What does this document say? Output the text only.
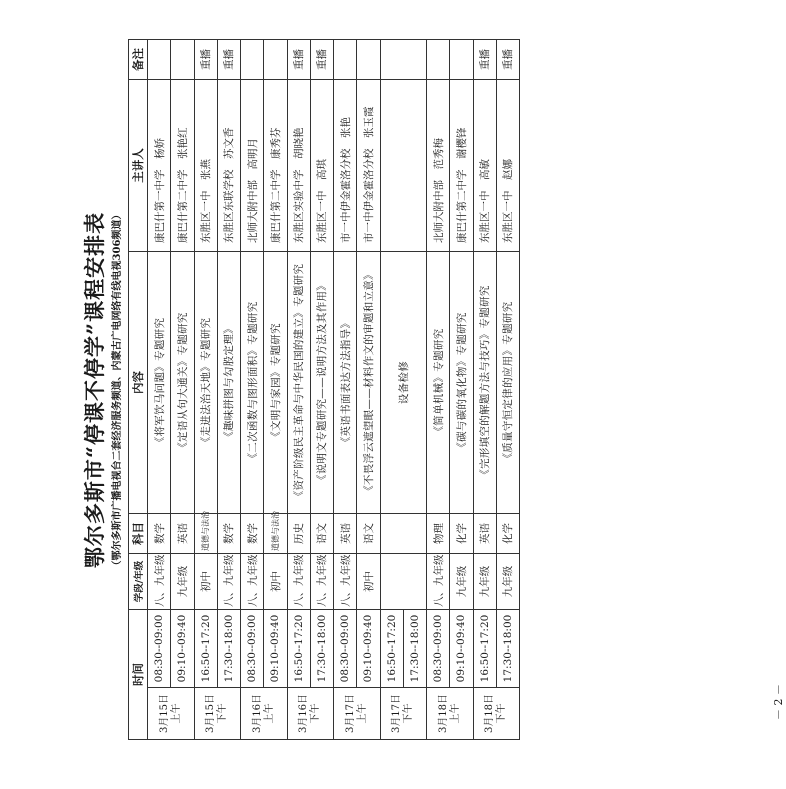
鄂尔多斯市“停课不停学”课程安排表 （鄂尔多斯市广播电视台二套经济服务频道、内蒙古广电网络有线电视306频道）
时间		学段/年级	科目	内容	主讲人	备注
3月15日上午	08:30--09:00	八、九年级	数学	《将军饮马问题》专题研究	康巴什第一中学　杨娇	
	09:10--09:40	九年级	英语	《定语从句大通关》专题研究	康巴什第二中学　张艳红	
3月15日下午	16:50--17:20	初中	道德与法治	《走进法治天地》专题研究	东胜区一中　张燕	重播
	17:30--18:00	八、九年级	数学	《趣味拼图与勾股定理》	东胜区东联学校　苏文香	重播
3月16日上午	08:30--09:00	八、九年级	数学	《二次函数与图形面积》专题研究	北师大附中部　高明月	
	09:10--09:40	初中	道德与法治	《文明与家园》专题研究	康巴什第二中学　康秀芬	
3月16日下午	16:50--17:20	八、九年级	历史	《资产阶级民主革命与中华民国的建立》专题研究	东胜区实验中学　胡晓艳	重播
	17:30--18:00	八、九年级	语文	《说明文专题研究——说明方法及其作用》	东胜区一中　高琪	重播
3月17日上午	08:30--09:00	八、九年级	英语	《英语书面表达方法指导》	市一中伊金霍洛分校　张艳	
	09:10--09:40	初中	语文	《不畏浮云遮望眼——材料作文的审题和立意》	市一中伊金霍洛分校　张玉霞	
3月17日下午	16:50--17:20			设备检修		
	17:30--18:00					
3月18日上午	08:30--09:00	八、九年级	物理	《简单机械》专题研究	北师大附中部　范秀梅	
	09:10--09:40	九年级	化学	《碳与碳的氧化物》专题研究	康巴什第二中学　谢樱锋	
3月18日下午	16:50--17:20	九年级	英语	《完形填空的解题方法与技巧》专题研究	东胜区一中　高敏	重播
	17:30--18:00	九年级	化学	《质量守恒定律的应用》专题研究	东胜区一中　赵娜	重播
－ 2 －
